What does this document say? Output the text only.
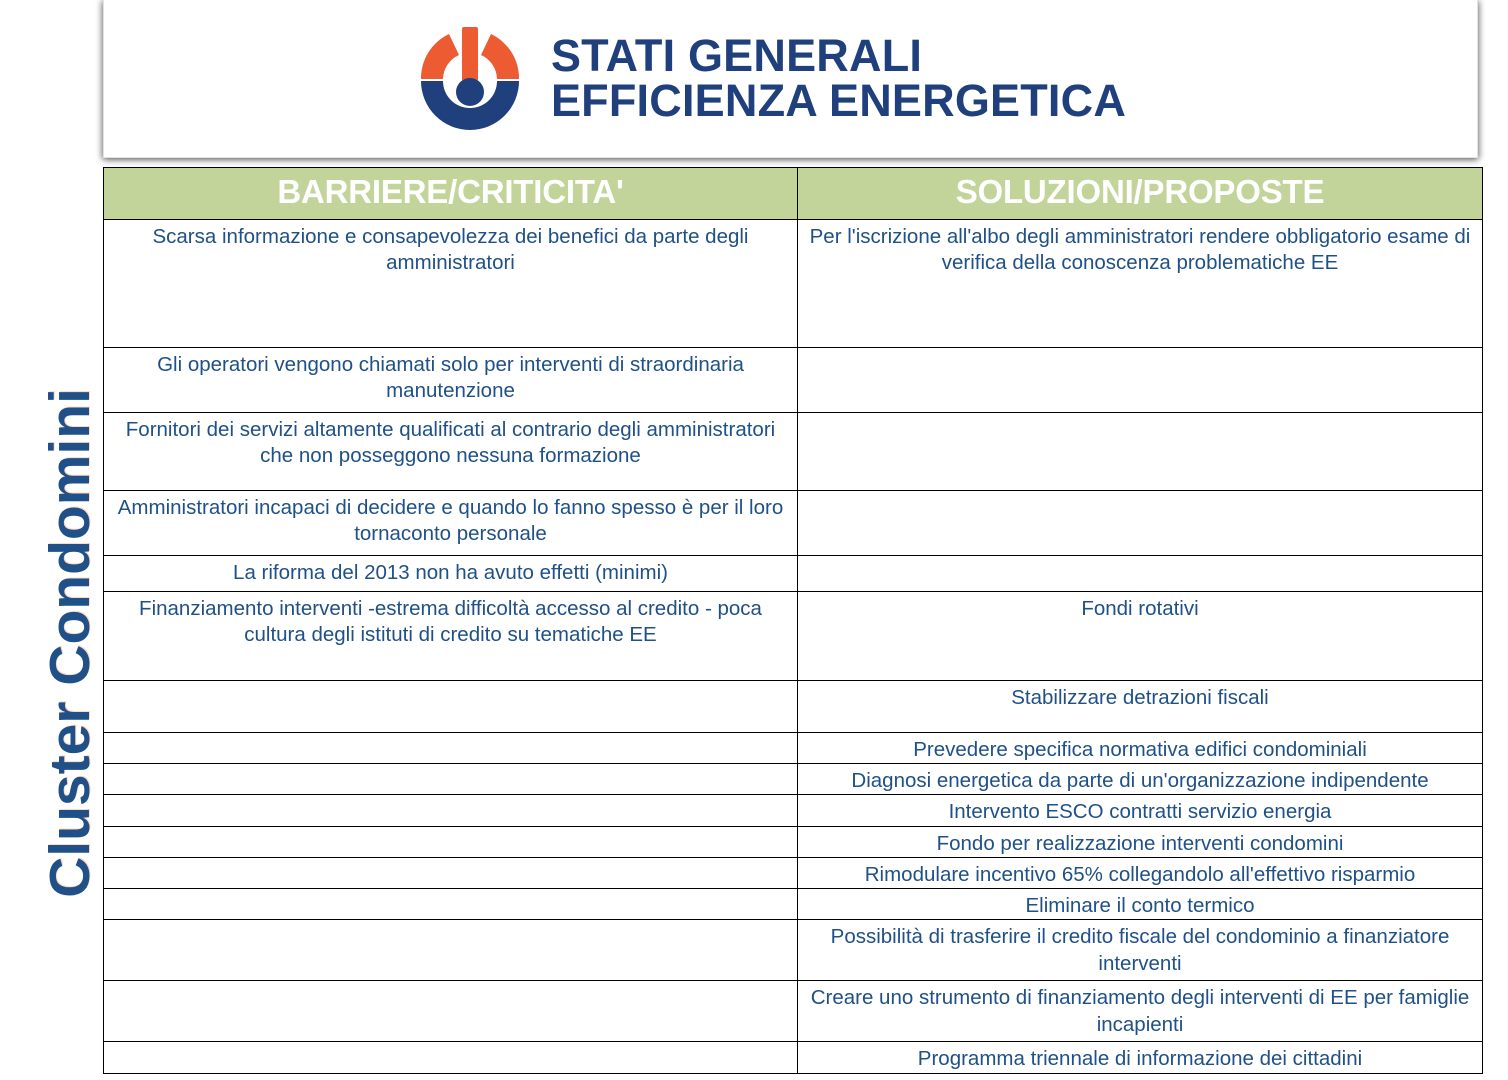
STATI GENERALI
EFFICIENZA ENERGETICA
Cluster Condomini
BARRIERE/CRITICITA'	SOLUZIONI/PROPOSTE
Scarsa informazione e consapevolezza dei benefici da parte degli amministratori	Per l'iscrizione all'albo degli amministratori rendere obbligatorio esame di verifica della conoscenza problematiche EE
Gli operatori vengono chiamati solo per interventi di straordinaria manutenzione	
Fornitori dei servizi altamente qualificati al contrario degli amministratori che non posseggono nessuna formazione	
Amministratori incapaci di decidere e quando lo fanno spesso è per il loro tornaconto personale	
La riforma del 2013 non ha avuto effetti (minimi)	
Finanziamento interventi -estrema difficoltà accesso al credito - poca cultura degli istituti di credito su tematiche EE	Fondi rotativi
	Stabilizzare detrazioni fiscali
	Prevedere specifica normativa edifici condominiali
	Diagnosi energetica da parte di un'organizzazione indipendente
	Intervento ESCO contratti servizio energia
	Fondo per realizzazione interventi condomini
	Rimodulare incentivo 65% collegandolo all'effettivo risparmio
	Eliminare il conto termico
	Possibilità di trasferire il credito fiscale del condominio a finanziatore interventi
	Creare uno strumento di finanziamento degli interventi di EE per famiglie incapienti
	Programma triennale di informazione dei cittadini
